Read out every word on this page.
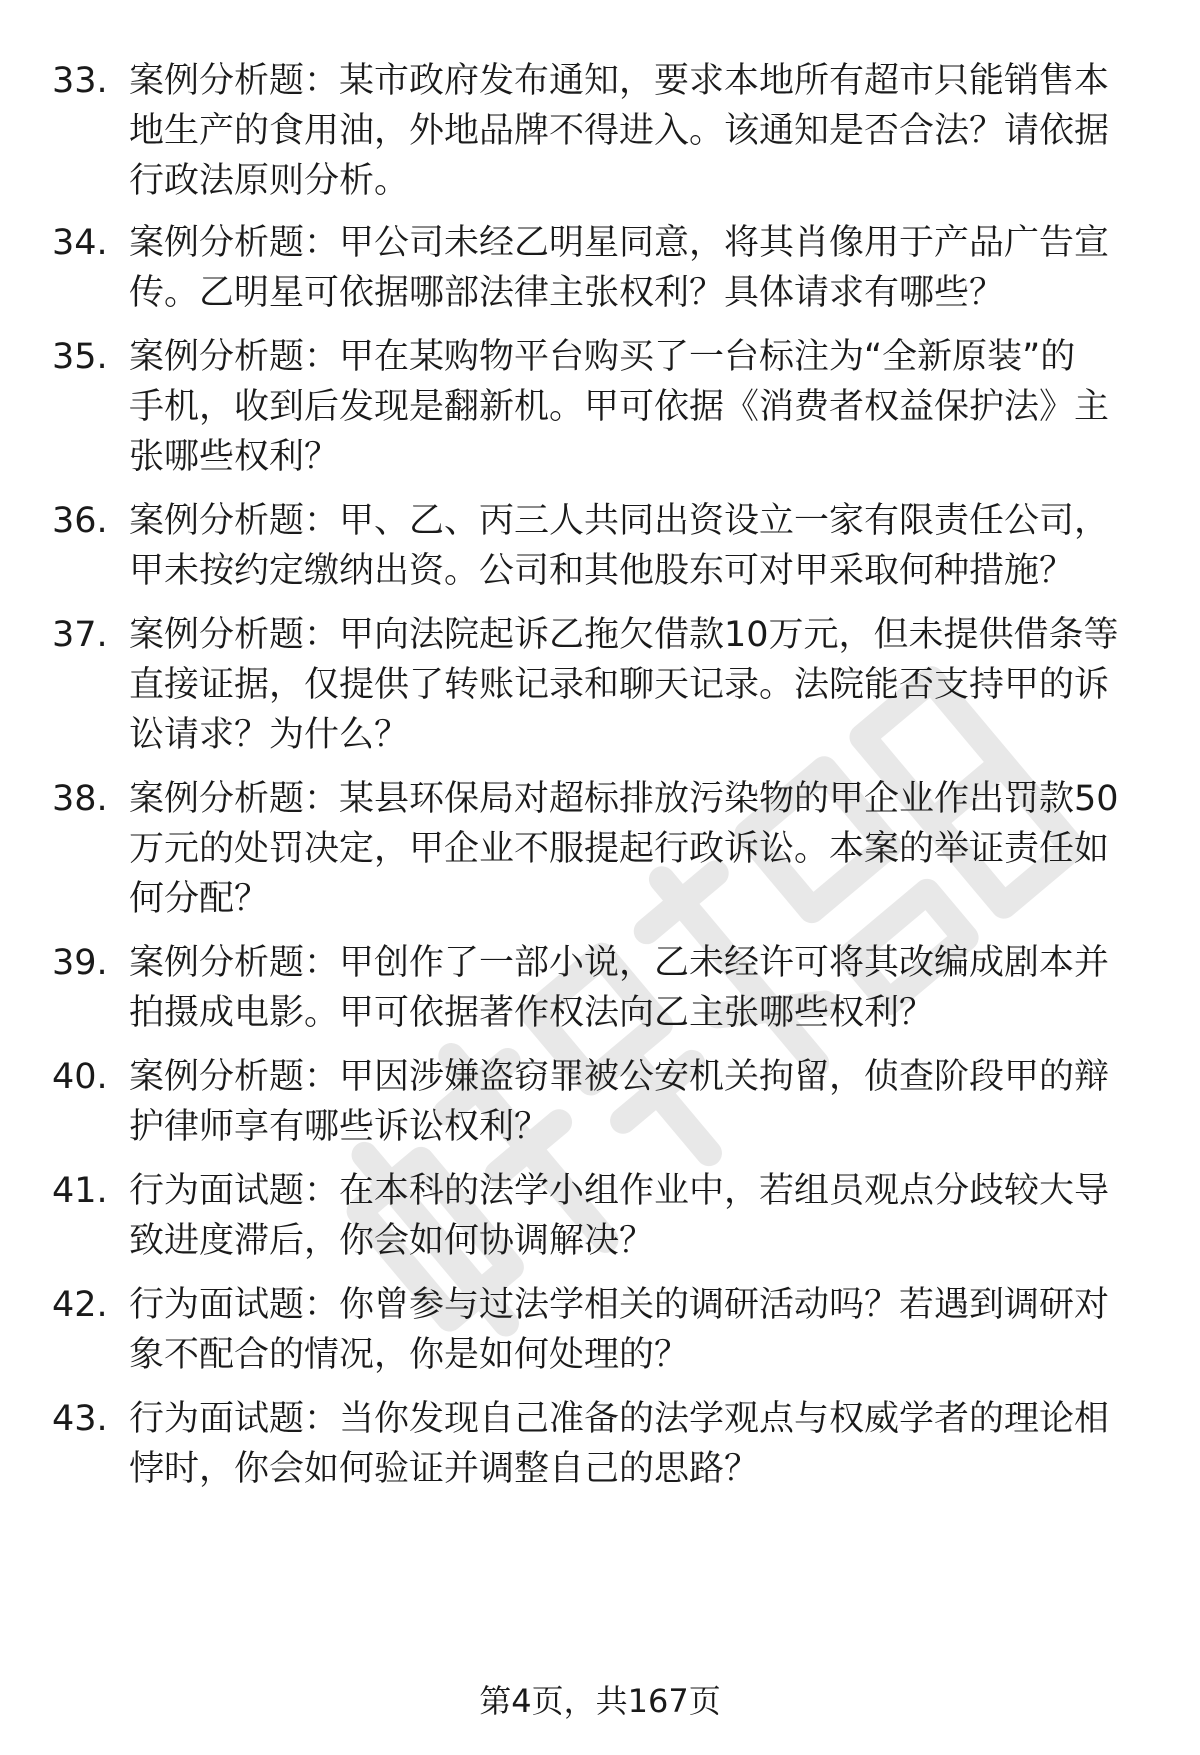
33. 案例分析题：某市政府发布通知，要求本地所有超市只能销售本
地生产的食用油，外地品牌不得进入。该通知是否合法？请依据
行政法原则分析。
34. 案例分析题：甲公司未经乙明星同意，将其肖像用于产品广告宣
传。乙明星可依据哪部法律主张权利？具体请求有哪些？
35. 案例分析题：甲在某购物平台购买了一台标注为“全新原装”的
手机，收到后发现是翻新机。甲可依据《消费者权益保护法》主
张哪些权利？
36. 案例分析题：甲、乙、丙三人共同出资设立一家有限责任公司，
甲未按约定缴纳出资。公司和其他股东可对甲采取何种措施？
37. 案例分析题：甲向法院起诉乙拖欠借款10万元，但未提供借条等
直接证据，仅提供了转账记录和聊天记录。法院能否支持甲的诉
讼请求？为什么？
38. 案例分析题：某县环保局对超标排放污染物的甲企业作出罚款50
万元的处罚决定，甲企业不服提起行政诉讼。本案的举证责任如
何分配？
39. 案例分析题：甲创作了一部小说，乙未经许可将其改编成剧本并
拍摄成电影。甲可依据著作权法向乙主张哪些权利？
40. 案例分析题：甲因涉嫌盗窃罪被公安机关拘留，侦查阶段甲的辩
护律师享有哪些诉讼权利？
41. 行为面试题：在本科的法学小组作业中，若组员观点分歧较大导
致进度滞后，你会如何协调解决？
42. 行为面试题：你曾参与过法学相关的调研活动吗？若遇到调研对
象不配合的情况，你是如何处理的？
43. 行为面试题：当你发现自己准备的法学观点与权威学者的理论相
悖时，你会如何验证并调整自己的思路？
第4页，共167页
